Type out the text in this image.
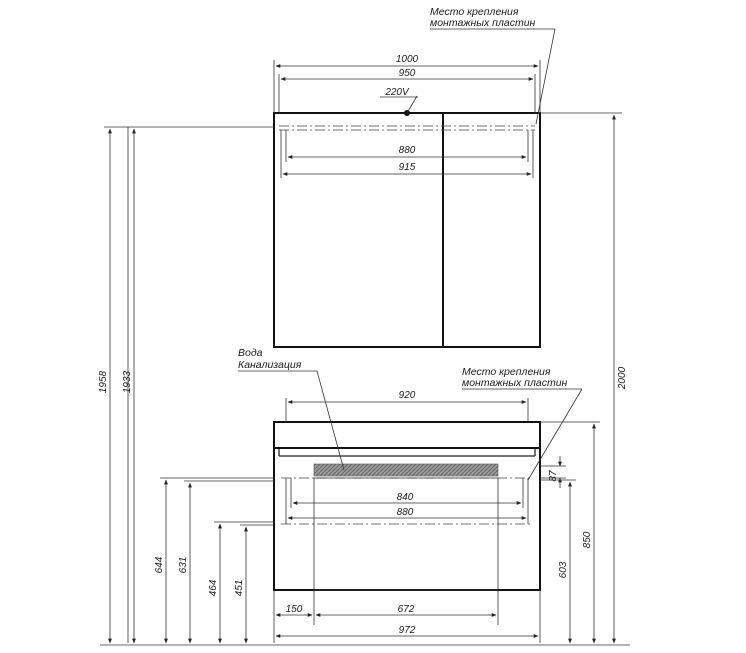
1000
950
220V
880
915
Место крепления
монтажных пластин
1958 1933	2000
Вода
Канализация
Место крепления
монтажных пластин
920
840
880
87
850
603
644 631
464 451
150	672
972
